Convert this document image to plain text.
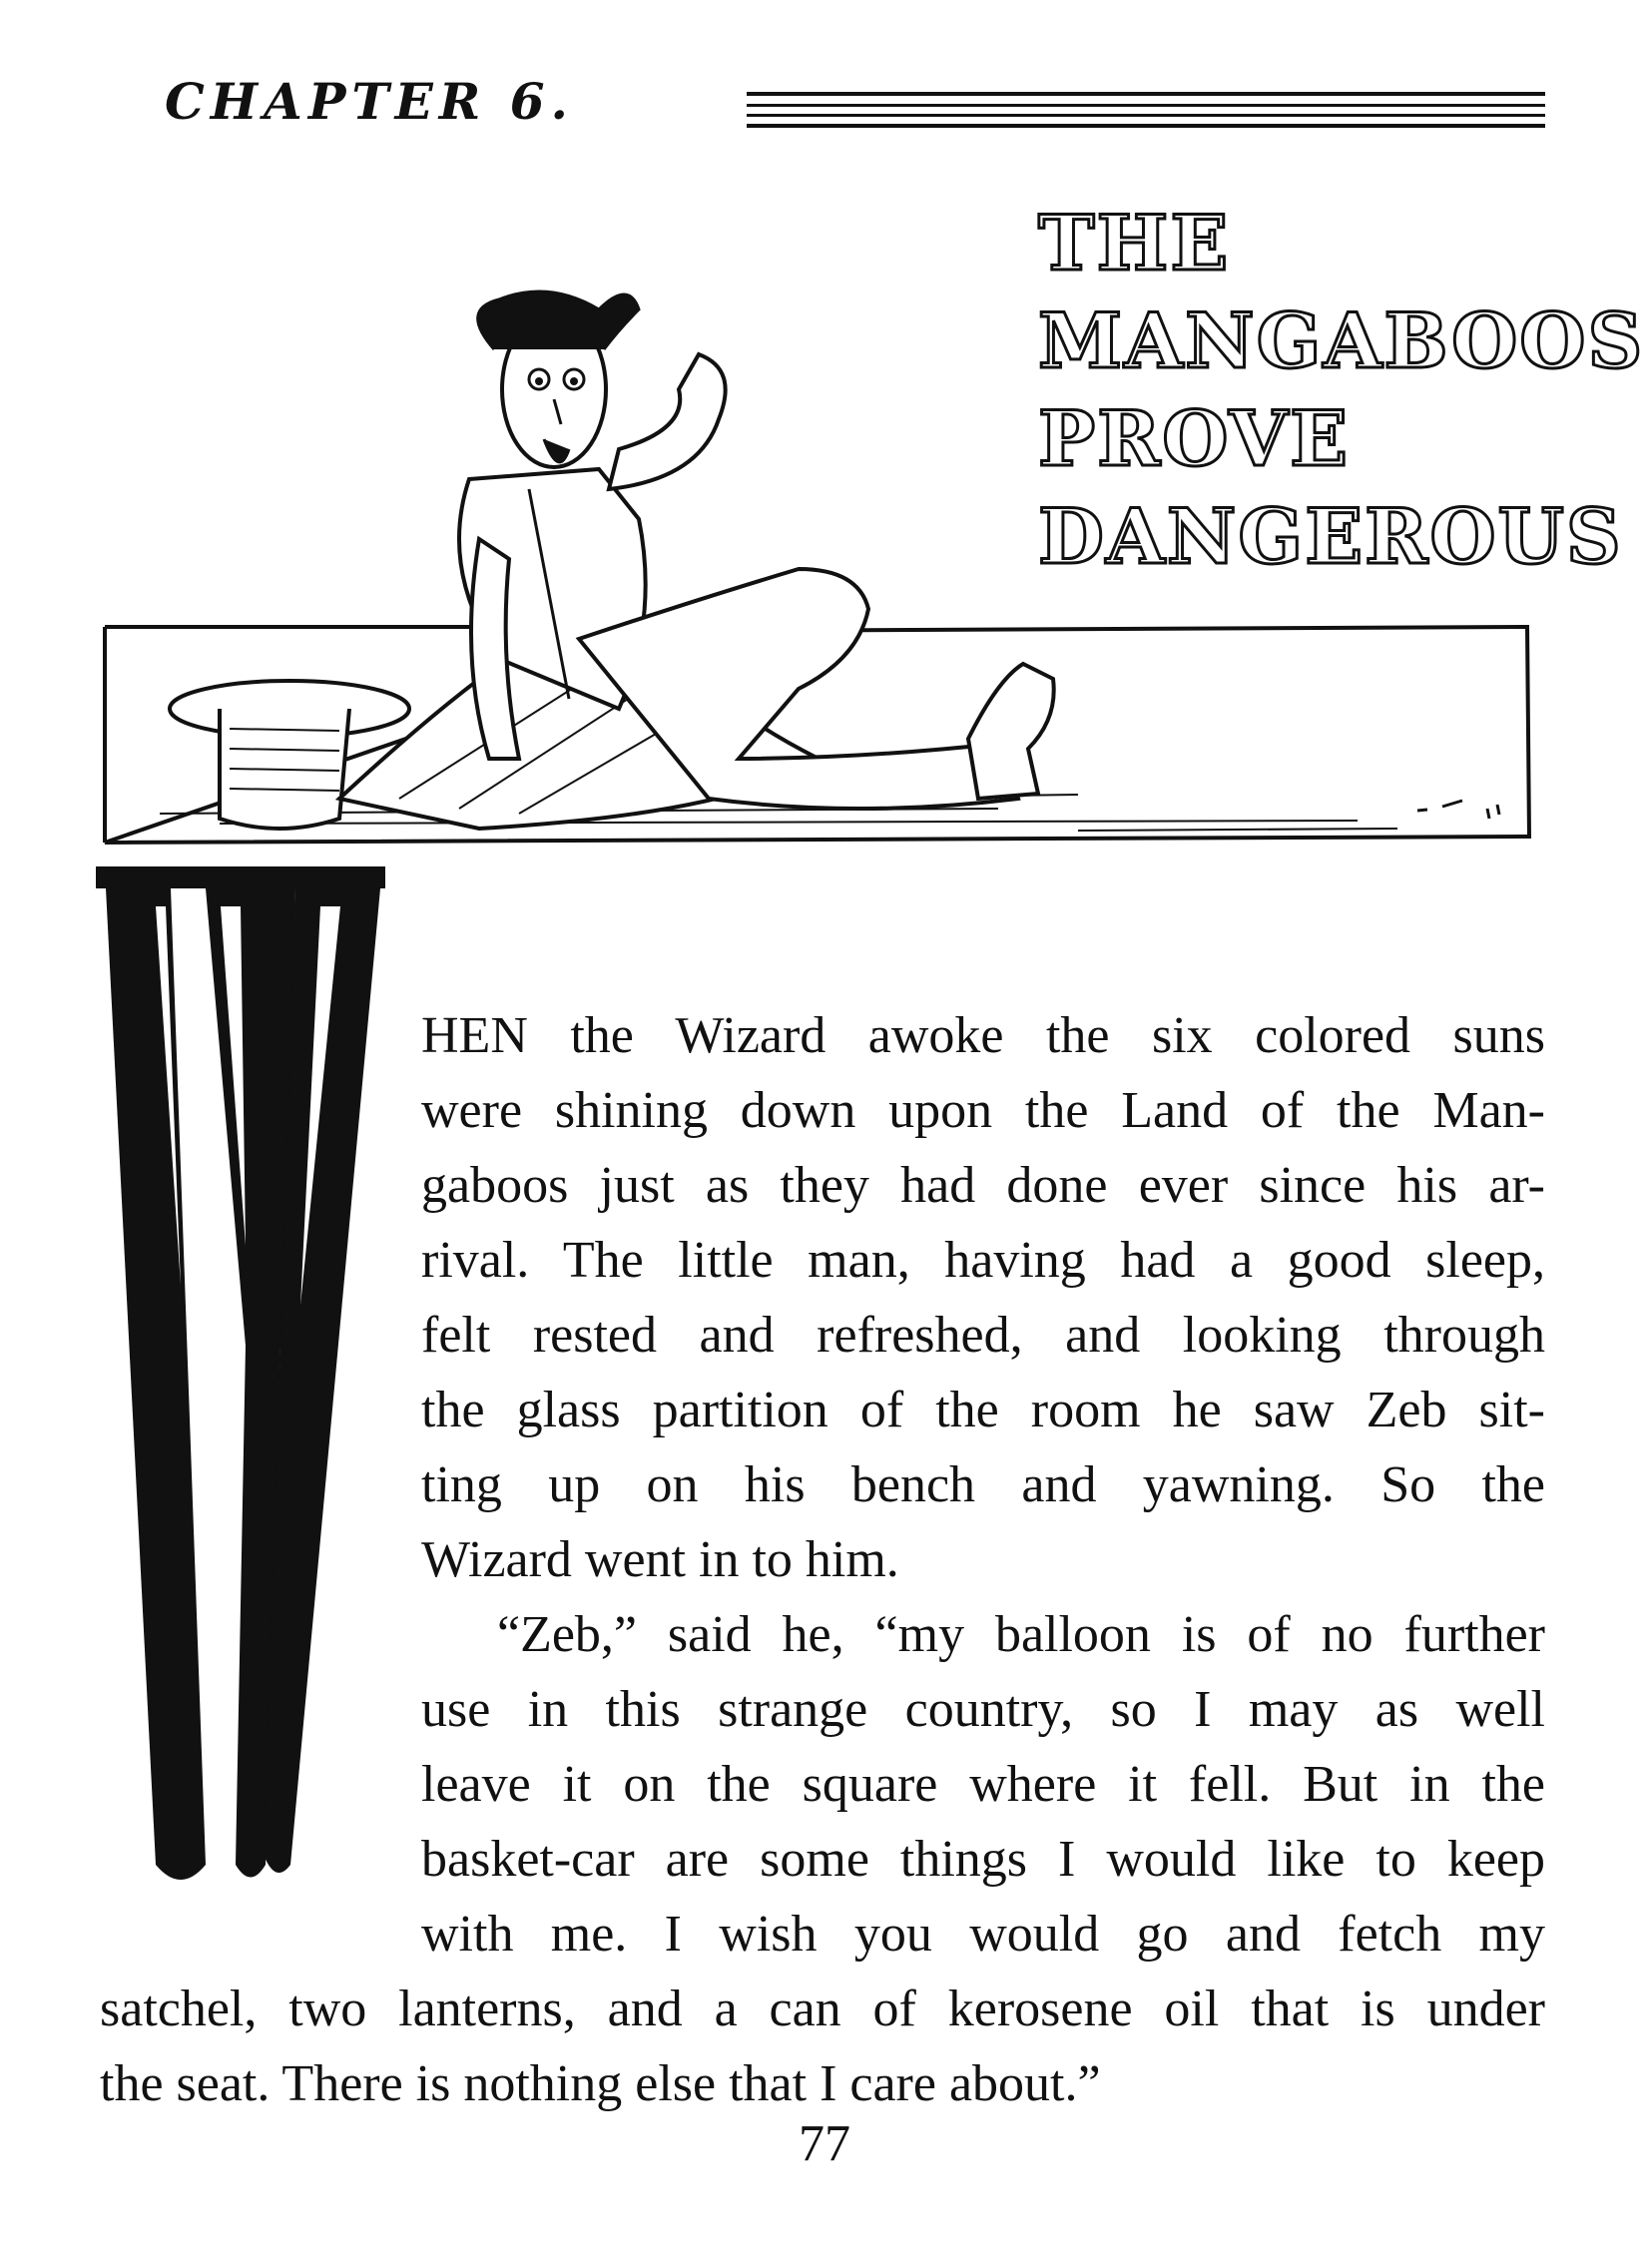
CHAPTER 6.
THE
MANGABOOS
PROVE
DANGEROUS
HEN the Wizard awoke the six colored suns
were shining down upon the Land of the Man-
gaboos just as they had done ever since his ar-
rival. The little man, having had a good sleep,
felt rested and refreshed, and looking through
the glass partition of the room he saw Zeb sit-
ting up on his bench and yawning. So the
Wizard went in to him.
“Zeb,” said he, “my balloon is of no further
use in this strange country, so I may as well
leave it on the square where it fell. But in the
basket-car are some things I would like to keep
with me. I wish you would go and fetch my
satchel, two lanterns, and a can of kerosene oil that is under
the seat. There is nothing else that I care about.”
77
